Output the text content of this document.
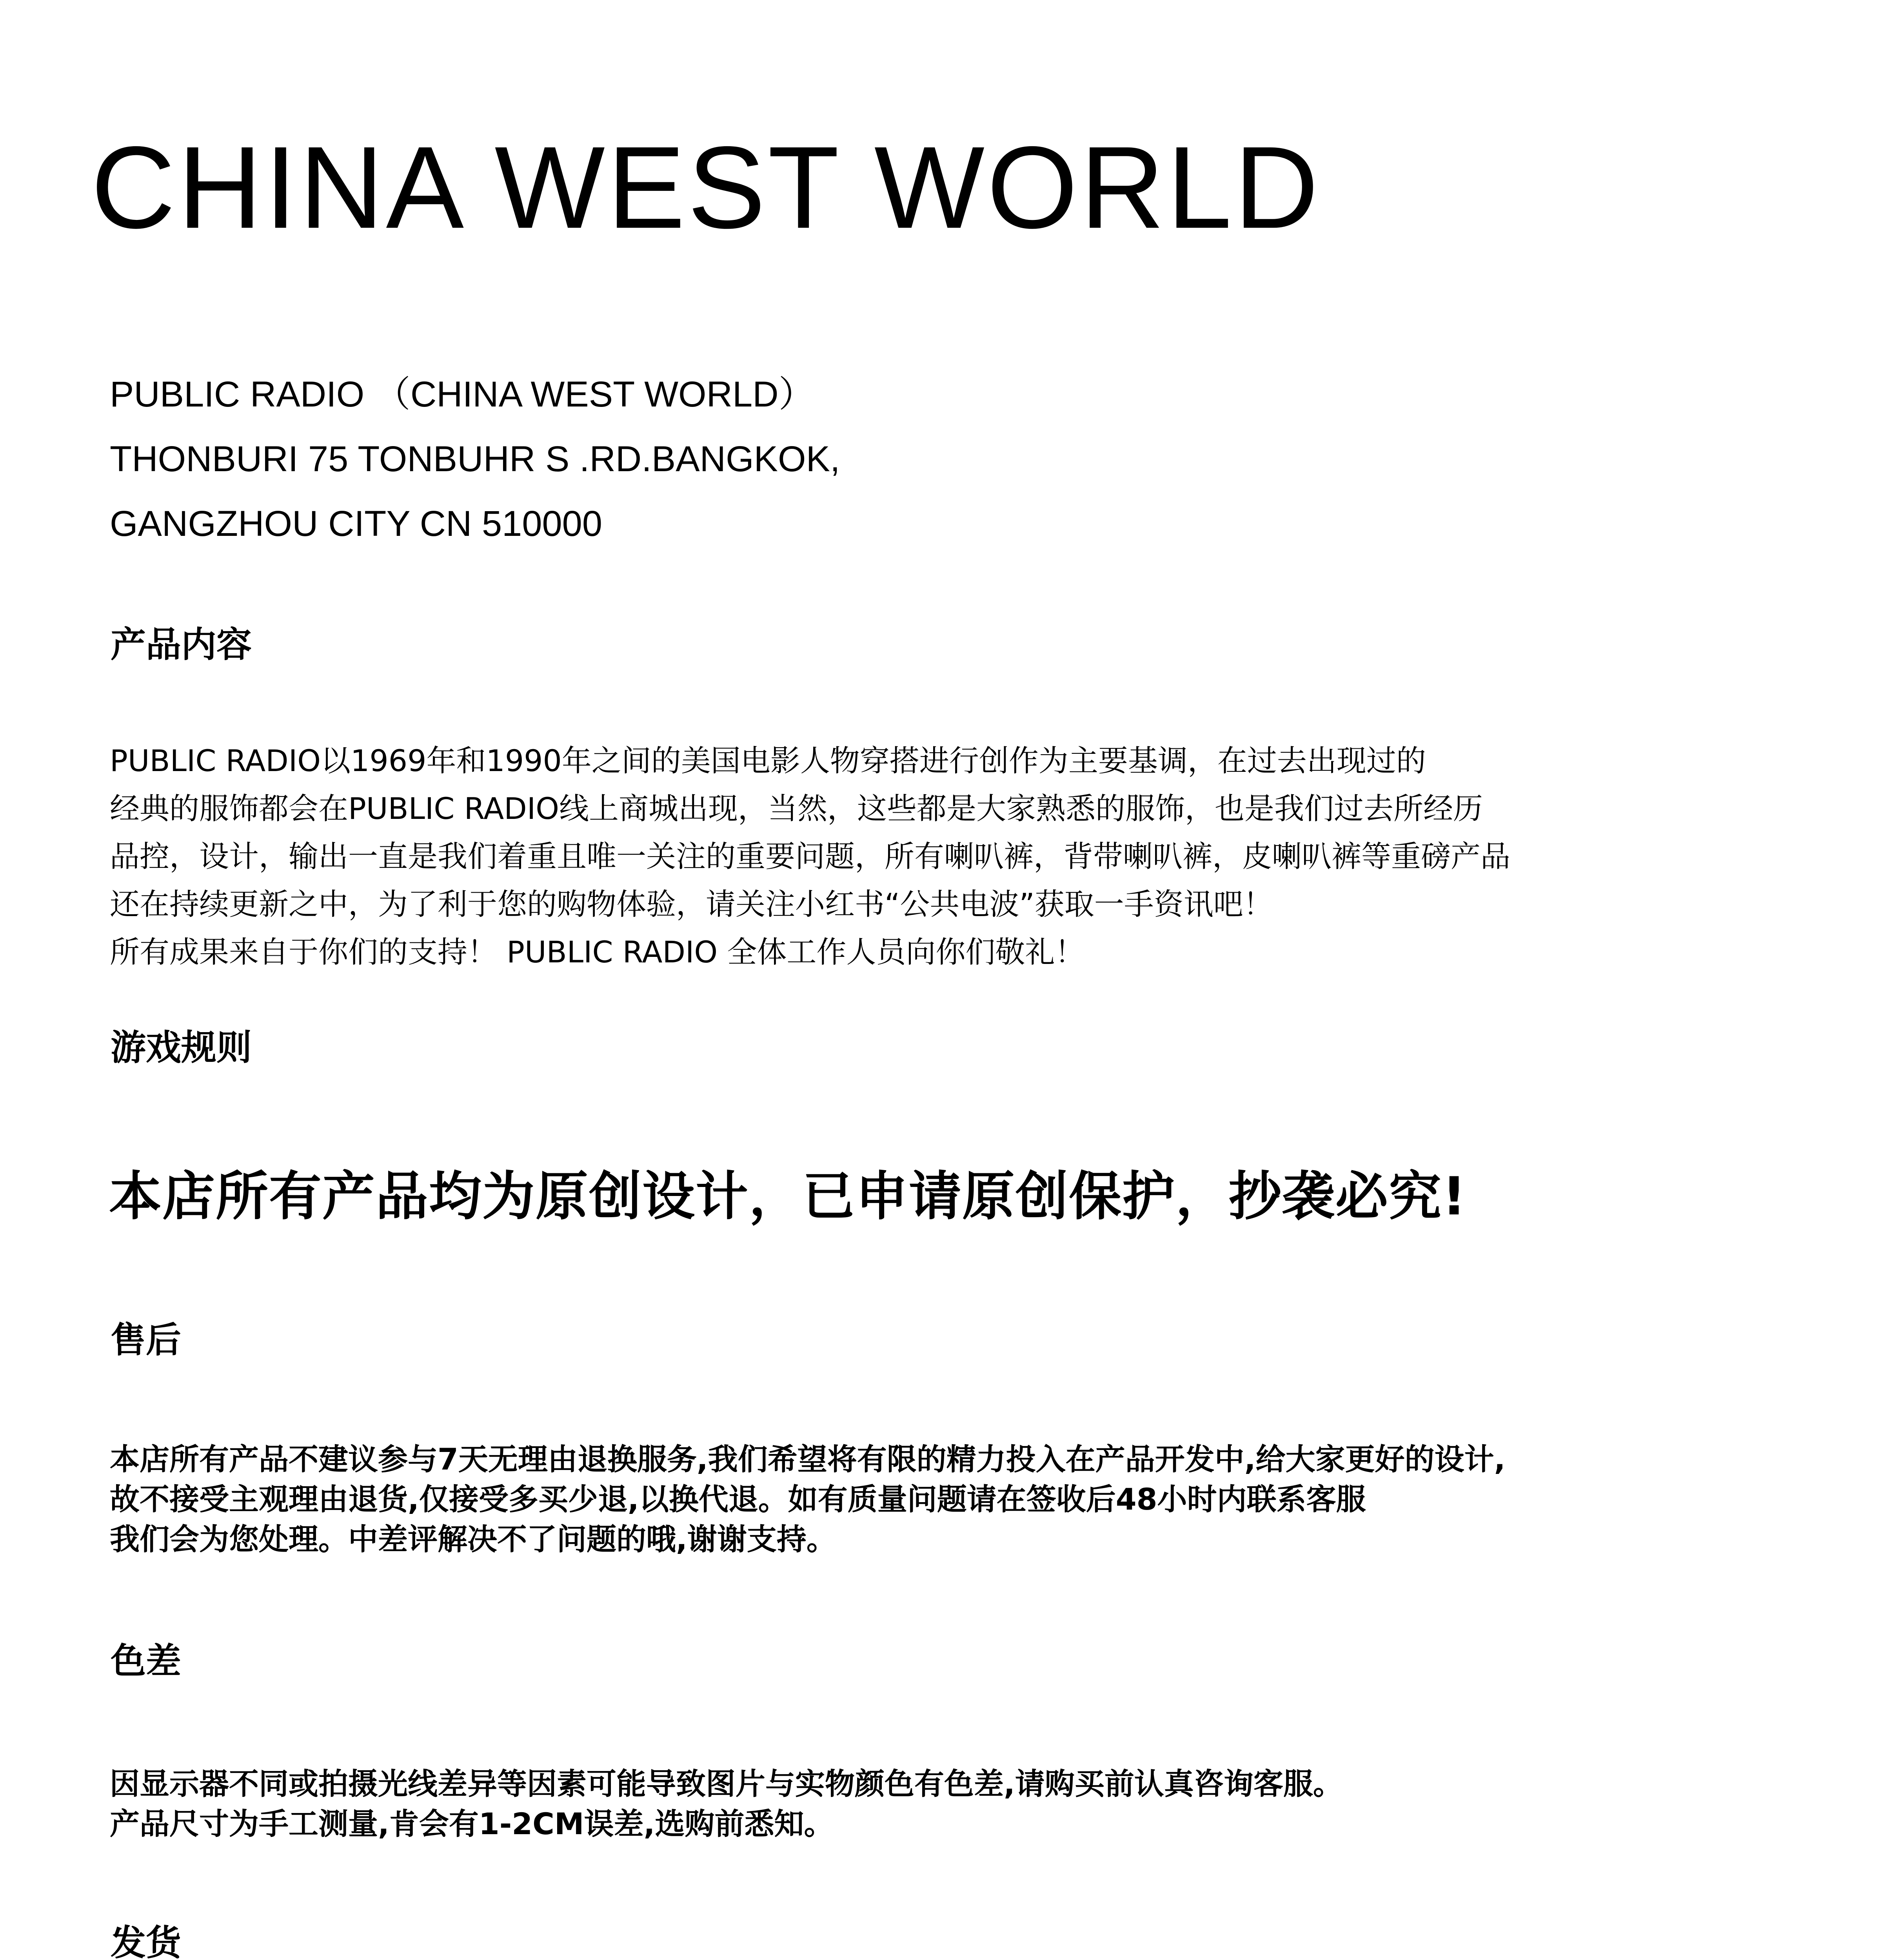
CHINA WEST WORLD
PUBLIC RADIO （CHINA WEST WORLD）
THONBURI 75 TONBUHR S .RD.BANGKOK,
GANGZHOU CITY CN 510000
产品内容
PUBLIC RADIO以1969年和1990年之间的美国电影人物穿搭进行创作为主要基调，在过去出现过的
经典的服饰都会在PUBLIC RADIO线上商城出现，当然，这些都是大家熟悉的服饰，也是我们过去所经历
品控，设计，输出一直是我们着重且唯一关注的重要问题，所有喇叭裤，背带喇叭裤，皮喇叭裤等重磅产品
还在持续更新之中，为了利于您的购物体验，请关注小红书“公共电波”获取一手资讯吧！
所有成果来自于你们的支持！ PUBLIC RADIO 全体工作人员向你们敬礼！
游戏规则
本店所有产品均为原创设计，已申请原创保护，抄袭必究!
售后
本店所有产品不建议参与7天无理由退换服务,我们希望将有限的精力投入在产品开发中,给大家更好的设计,
故不接受主观理由退货,仅接受多买少退,以换代退。如有质量问题请在签收后48小时内联系客服
我们会为您处理。中差评解决不了问题的哦,谢谢支持。
色差
因显示器不同或拍摄光线差异等因素可能导致图片与实物颜色有色差,请购买前认真咨询客服。
产品尺寸为手工测量,肯会有1-2CM误差,选购前悉知。
发货
